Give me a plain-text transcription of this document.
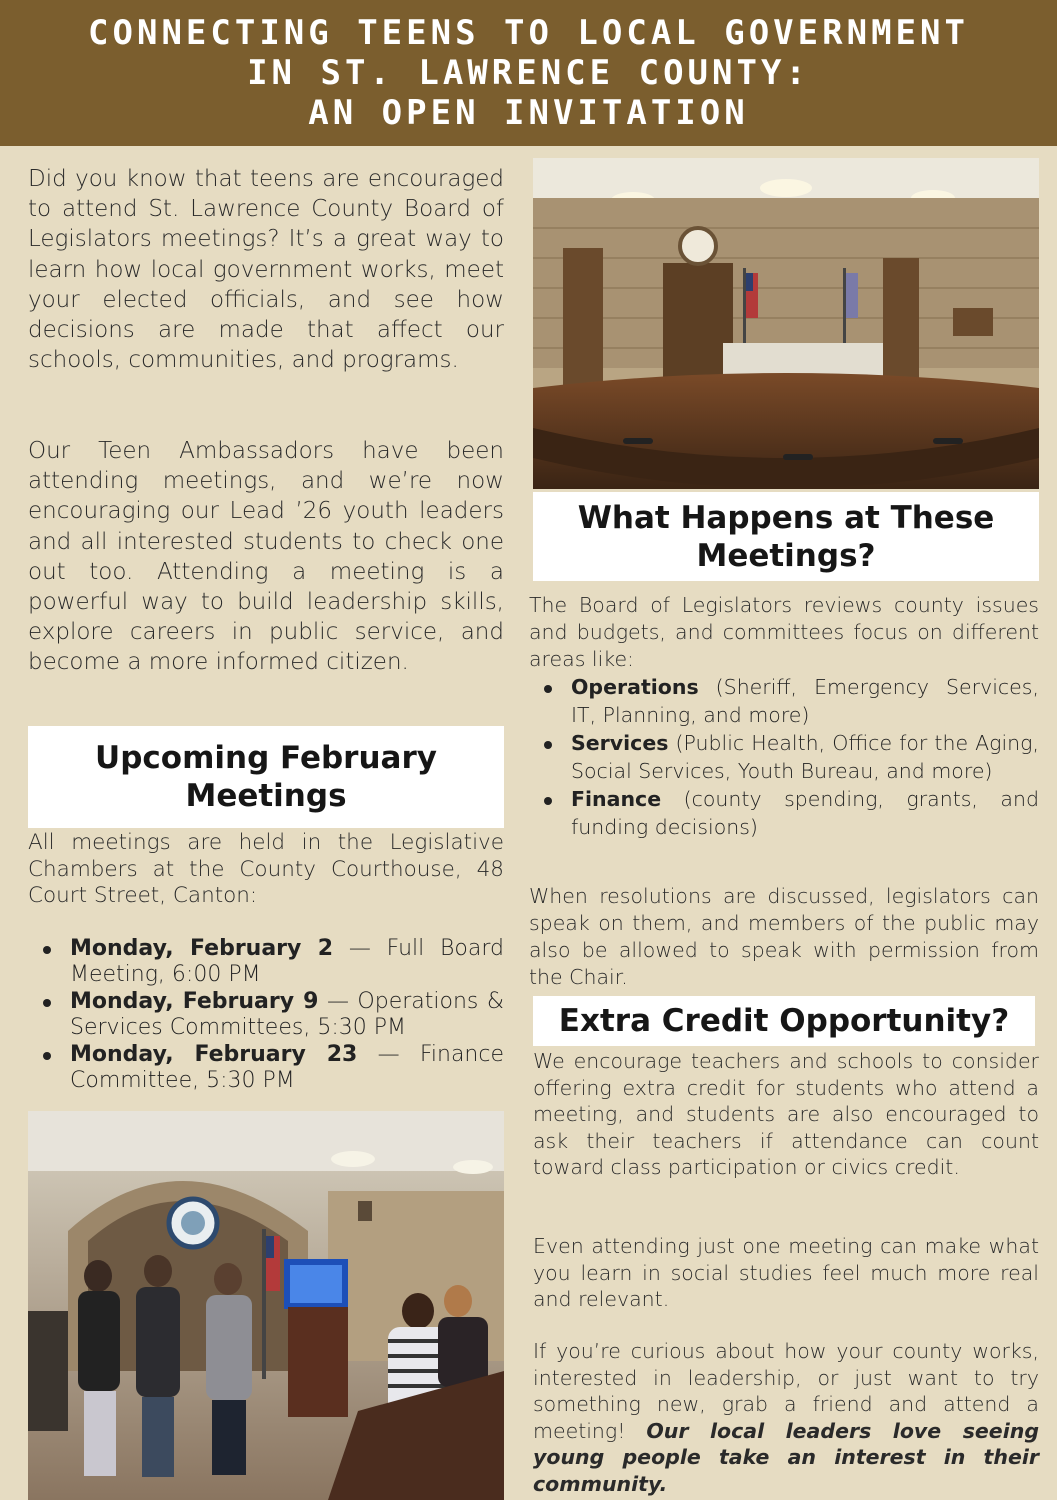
CONNECTING TEENS TO LOCAL GOVERNMENT
IN ST. LAWRENCE COUNTY:
AN OPEN INVITATION

Did you know that teens are encouraged to attend St. Lawrence County Board of Legislators meetings? It’s a great way to learn how local government works, meet your elected officials, and see how decisions are made that affect our schools, communities, and programs.

Our Teen Ambassadors have been attending meetings, and we’re now encouraging our Lead ’26 youth leaders and all interested students to check one out too. Attending a meeting is a powerful way to build leadership skills, explore careers in public service, and become a more informed citizen.

Upcoming February Meetings

All meetings are held in the Legislative Chambers at the County Courthouse, 48 Court Street, Canton:

Monday, February 2 — Full Board Meeting, 6:00 PM
Monday, February 9 — Operations & Services Committees, 5:30 PM
Monday, February 23 — Finance Committee, 5:30 PM
What Happens at These Meetings?

The Board of Legislators reviews county issues and budgets, and committees focus on different areas like:

Operations (Sheriff, Emergency Services, IT, Planning, and more)
Services (Public Health, Office for the Aging, Social Services, Youth Bureau, and more)
Finance (county spending, grants, and funding decisions)

When resolutions are discussed, legislators can speak on them, and members of the public may also be allowed to speak with permission from the Chair.

Extra Credit Opportunity?

We encourage teachers and schools to consider offering extra credit for students who attend a meeting, and students are also encouraged to ask their teachers if attendance can count toward class participation or civics credit.

Even attending just one meeting can make what you learn in social studies feel much more real and relevant.

If you’re curious about how your county works, interested in leadership, or just want to try something new, grab a friend and attend a meeting! Our local leaders love seeing young people take an interest in their community.
